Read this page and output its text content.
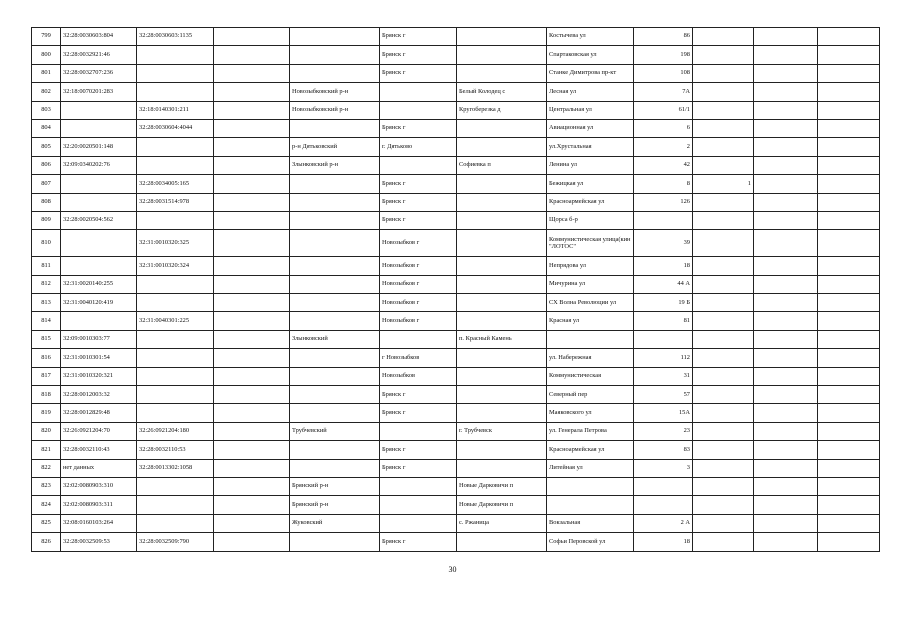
799	32:28:0030603:804	32:28:0030603:1135			Брянск г		Костычева ул	86			
800	32:28:0032921:46				Брянск г		Спартаковская ул	198			
801	32:28:0032707:236				Брянск г		Станке Димитрова пр-кт	108			
802	32:18:0070201:283			Новозыбковский р-н		Белый Колодец с	Лесная ул	7А			
803		32:18:0140301:211		Новозыбковский р-н		Кругоберезка д	Центральная ул	61/1			
804		32:28:0030604:4044			Брянск г		Авиационная ул	6			
805	32:20:0020501:148			р-н Дятьковский	г. Дятьково		ул.Хрустальная	2			
806	32:09:0340202:76			Злынковский р-н		Софиевка п	Ленина ул	42			
807		32:28:0034005:165			Брянск г		Бежицкая ул	8	1		
808		32:28:0031514:978			Брянск г		Красноармейская ул	126			
809	32:28:0020504:562				Брянск г		Щорса б-р				
810		32:31:0010320:325			Новозыбков г		Коммунистическая улица(кин "ЛОТОС"	39			
811		32:31:0010320:324			Новозыбков г		Непрядова ул	18			
812	32:31:0020140:255				Новозыбков г		Мичурина ул	44 А			
813	32:31:0040120:419				Новозыбков г		СХ Волна Революции ул	19 Б			
814		32:31:0040301:225			Новозыбков г		Красная ул	81			
815	32:09:0010303:77			Злынковский		п. Красный Камень					
816	32:31:0010301:54				г Новозыбков		ул. Набережная	112			
817	32:31:0010320:321				Новозыбков		Коммунистическая	31			
818	32:28:0012003:32				Брянск г		Северный пер	57			
819	32:28:0012829:48				Брянск г		Маяковского ул	15А			
820	32:26:0921204:70	32:26:0921204:180		Трубчевский		г. Трубчевск	ул. Генерала Петрова	23			
821	32:28:0032110:43	32:28:0032110:53			Брянск г		Красноармейская ул	83			
822	нет данных	32:28:0013302:1058			Брянск г		Литейная ул	3			
823	32:02:0080903:310			Брянский р-н		Новые Дарковичи п					
824	32:02:0080903:311			Брянский р-н		Новые Дарковичи п					
825	32:08:0160103:264			Жуковский		с. Ржаница	Вокзальная	2 А			
826	32:28:0032509:53	32:28:0032509:790			Брянск г		Софьи Перовской ул	18			
30
